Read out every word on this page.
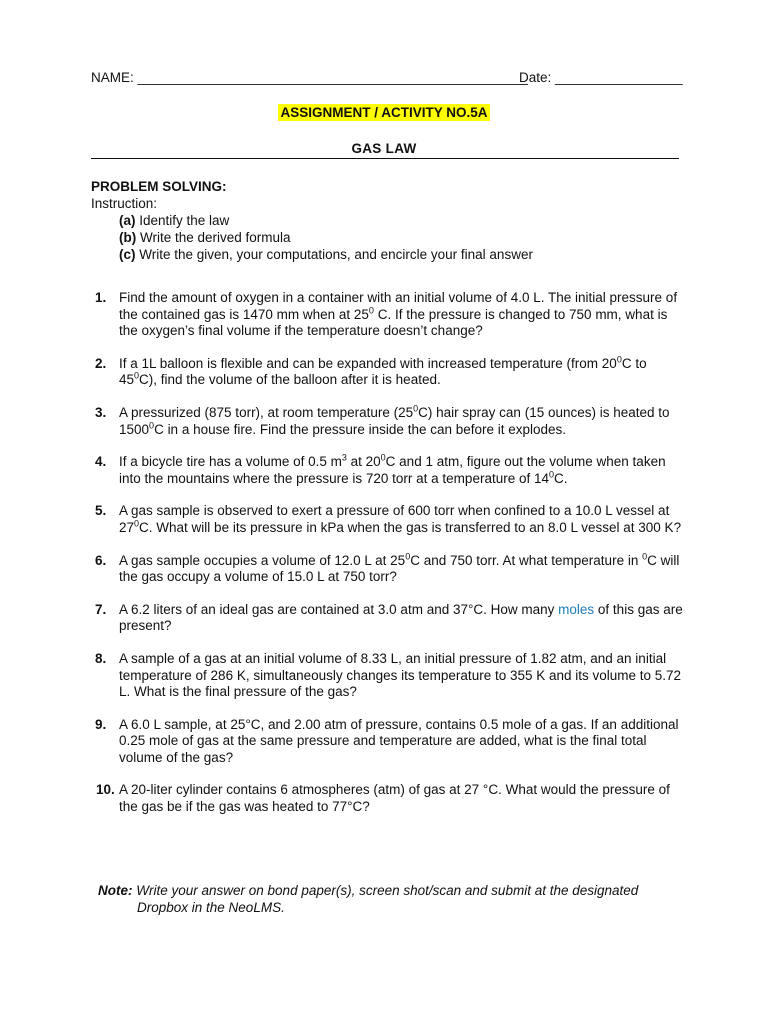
NAME: ____________________________________________________
Date: _________________
ASSIGNMENT / ACTIVITY NO.5A
GAS LAW
PROBLEM SOLVING:
Instruction:
(a) Identify the law
(b) Write the derived formula
(c) Write the given, your computations, and encircle your final answer
1. Find the amount of oxygen in a container with an initial volume of 4.0 L. The initial pressure of the contained gas is 1470 mm when at $25^0$ C. If the pressure is changed to 750 mm, what is the oxygen’s final volume if the temperature doesn’t change?
2. If a 1L balloon is flexible and can be expanded with increased temperature (from $20^0C$ to $45^0C$), find the volume of the balloon after it is heated.
3. A pressurized (875 torr), at room temperature $(25^0C)$ hair spray can (15 ounces) is heated to 1500$^0$C in a house fire. Find the pressure inside the can before it explodes.
4. If a bicycle tire has a volume of 0.5 $m^3$ at $20^0C$ and 1 atm, figure out the volume when taken into the mountains where the pressure is 720 torr at a temperature of $14^0C$.
5. A gas sample is observed to exert a pressure of 600 torr when confined to a 10.0 L vessel at $27^0C$. What will be its pressure in kPa when the gas is transferred to an 8.0 L vessel at 300 K?
6. A gas sample occupies a volume of 12.0 L at $25^0C$ and 750 torr. At what temperature in $^0$C will the gas occupy a volume of 15.0 L at 750 torr?
7. A 6.2 liters of an ideal gas are contained at 3.0 atm and 37°C. How many moles of this gas are present?
8. A sample of a gas at an initial volume of 8.33 L, an initial pressure of 1.82 atm, and an initial temperature of 286 K, simultaneously changes its temperature to 355 K and its volume to 5.72 L. What is the final pressure of the gas?
9. A 6.0 L sample, at 25°C, and 2.00 atm of pressure, contains 0.5 mole of a gas. If an additional 0.25 mole of gas at the same pressure and temperature are added, what is the final total volume of the gas?
10. A 20-liter cylinder contains 6 atmospheres (atm) of gas at 27 °C. What would the pressure of the gas be if the gas was heated to 77°C?
Note: Write your answer on bond paper(s), screen shot/scan and submit at the designated
Dropbox in the NeoLMS.
